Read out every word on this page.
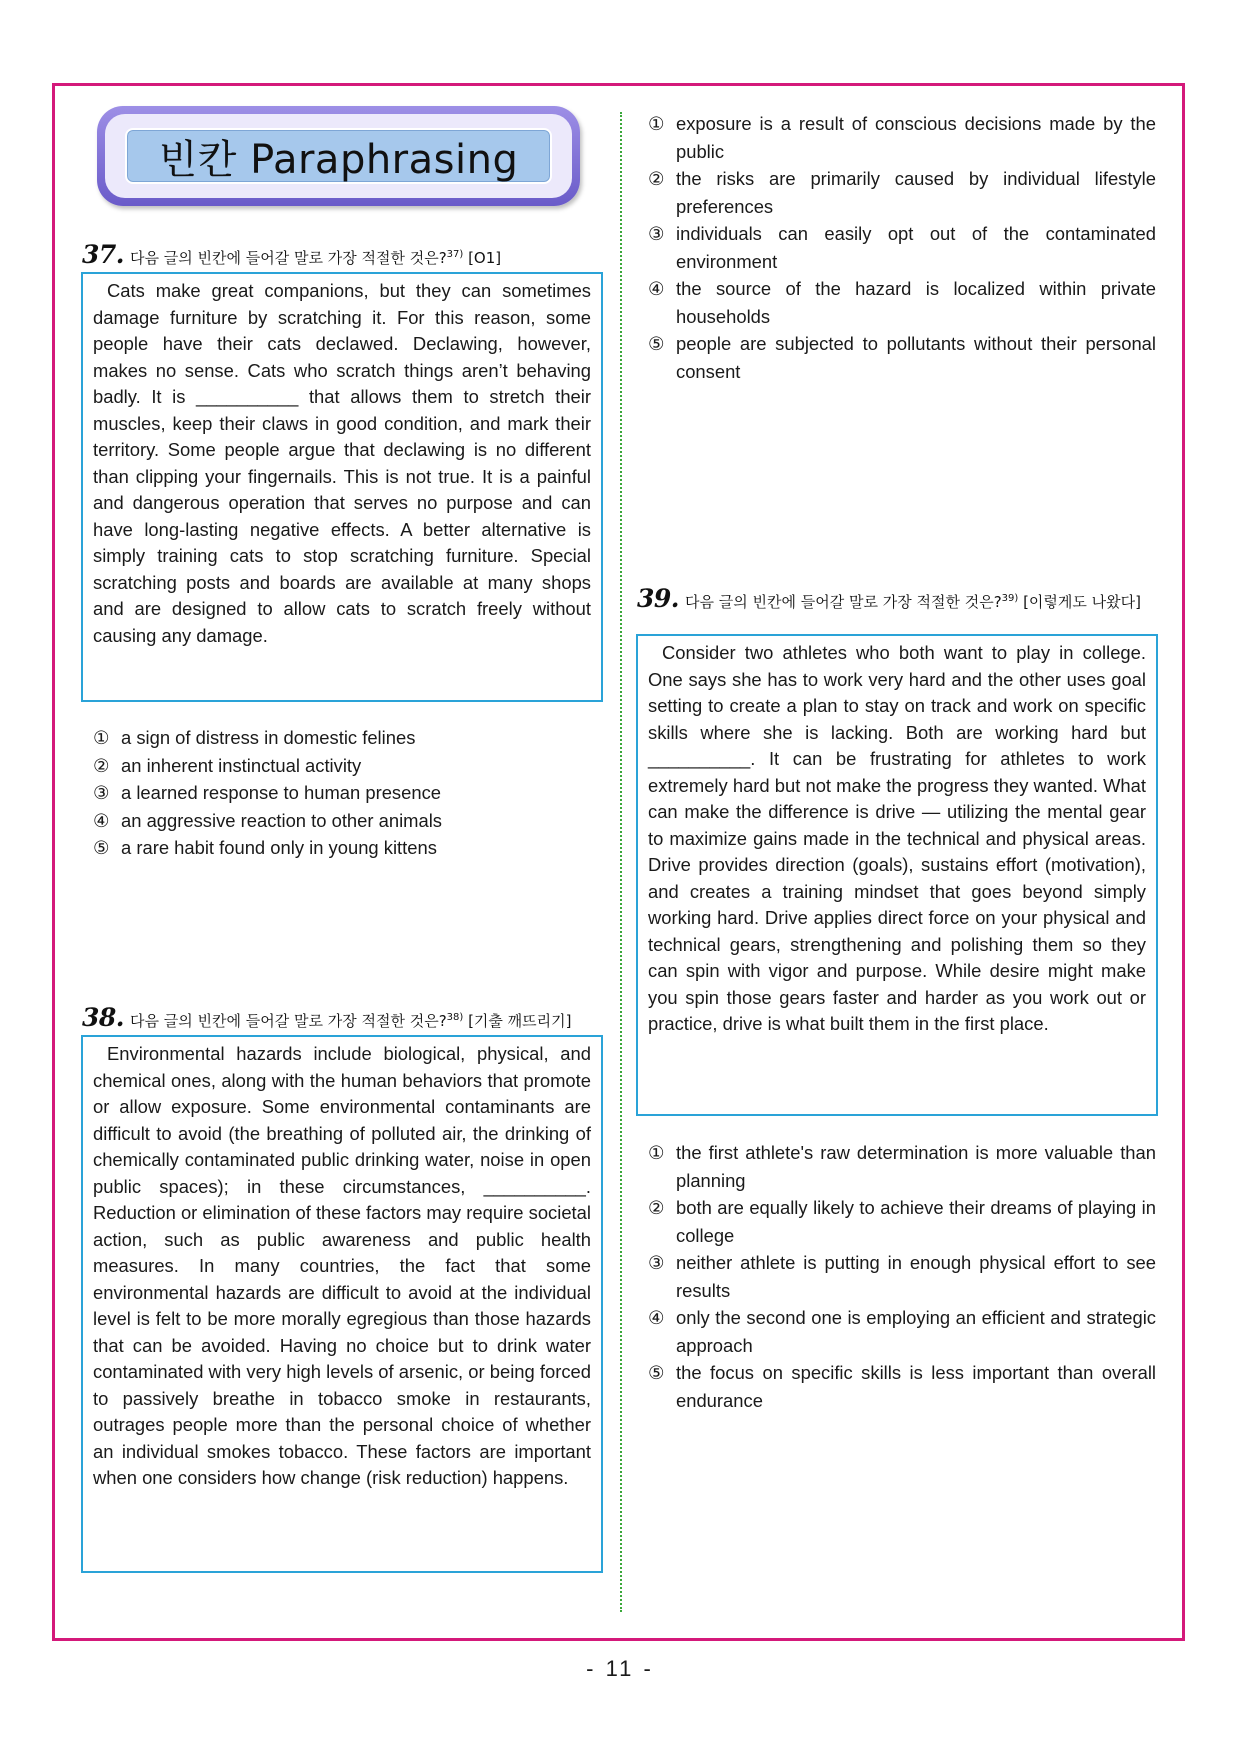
빈칸 Paraphrasing
37. 다음 글의 빈칸에 들어갈 말로 가장 적절한 것은?$^{37)}$ [O1]
Cats make great companions, but they can sometimes damage furniture by scratching it. For this reason, some people have their cats declawed. Declawing, however, makes no sense. Cats who scratch things aren’t behaving badly. It is __________ that allows them to stretch their muscles, keep their claws in good condition, and mark their territory. Some people argue that declawing is no different than clipping your fingernails. This is not true. It is a painful and dangerous operation that serves no purpose and can have long-lasting negative effects. A better alternative is simply training cats to stop scratching furniture. Special scratching posts and boards are available at many shops and are designed to allow cats to scratch freely without causing any damage.
① a sign of distress in domestic felines
② an inherent instinctual activity
③ a learned response to human presence
④ an aggressive reaction to other animals
⑤ a rare habit found only in young kittens
38. 다음 글의 빈칸에 들어갈 말로 가장 적절한 것은?$^{38)}$ [기출 깨뜨리기]
Environmental hazards include biological, physical, and chemical ones, along with the human behaviors that promote or allow exposure. Some environmental contaminants are difficult to avoid (the breathing of polluted air, the drinking of chemically contaminated public drinking water, noise in open public spaces); in these circumstances, __________. Reduction or elimination of these factors may require societal action, such as public awareness and public health measures. In many countries, the fact that some environmental hazards are difficult to avoid at the individual level is felt to be more morally egregious than those hazards that can be avoided. Having no choice but to drink water contaminated with very high levels of arsenic, or being forced to passively breathe in tobacco smoke in restaurants, outrages people more than the personal choice of whether an individual smokes tobacco. These factors are important when one considers how change (risk reduction) happens.
① exposure is a result of conscious decisions made by the public
② the risks are primarily caused by individual lifestyle preferences
③ individuals can easily opt out of the contaminated environment
④ the source of the hazard is localized within private households
⑤ people are subjected to pollutants without their personal consent
39. 다음 글의 빈칸에 들어갈 말로 가장 적절한 것은?$^{39)}$ [이렇게도 나왔다]
Consider two athletes who both want to play in college. One says she has to work very hard and the other uses goal setting to create a plan to stay on track and work on specific skills where she is lacking. Both are working hard but __________. It can be frustrating for athletes to work extremely hard but not make the progress they wanted. What can make the difference is drive — utilizing the mental gear to maximize gains made in the technical and physical areas. Drive provides direction (goals), sustains effort (motivation), and creates a training mindset that goes beyond simply working hard. Drive applies direct force on your physical and technical gears, strengthening and polishing them so they can spin with vigor and purpose. While desire might make you spin those gears faster and harder as you work out or practice, drive is what built them in the first place.
① the first athlete's raw determination is more valuable than planning
② both are equally likely to achieve their dreams of playing in college
③ neither athlete is putting in enough physical effort to see results
④ only the second one is employing an efficient and strategic approach
⑤ the focus on specific skills is less important than overall endurance
- 11 -
